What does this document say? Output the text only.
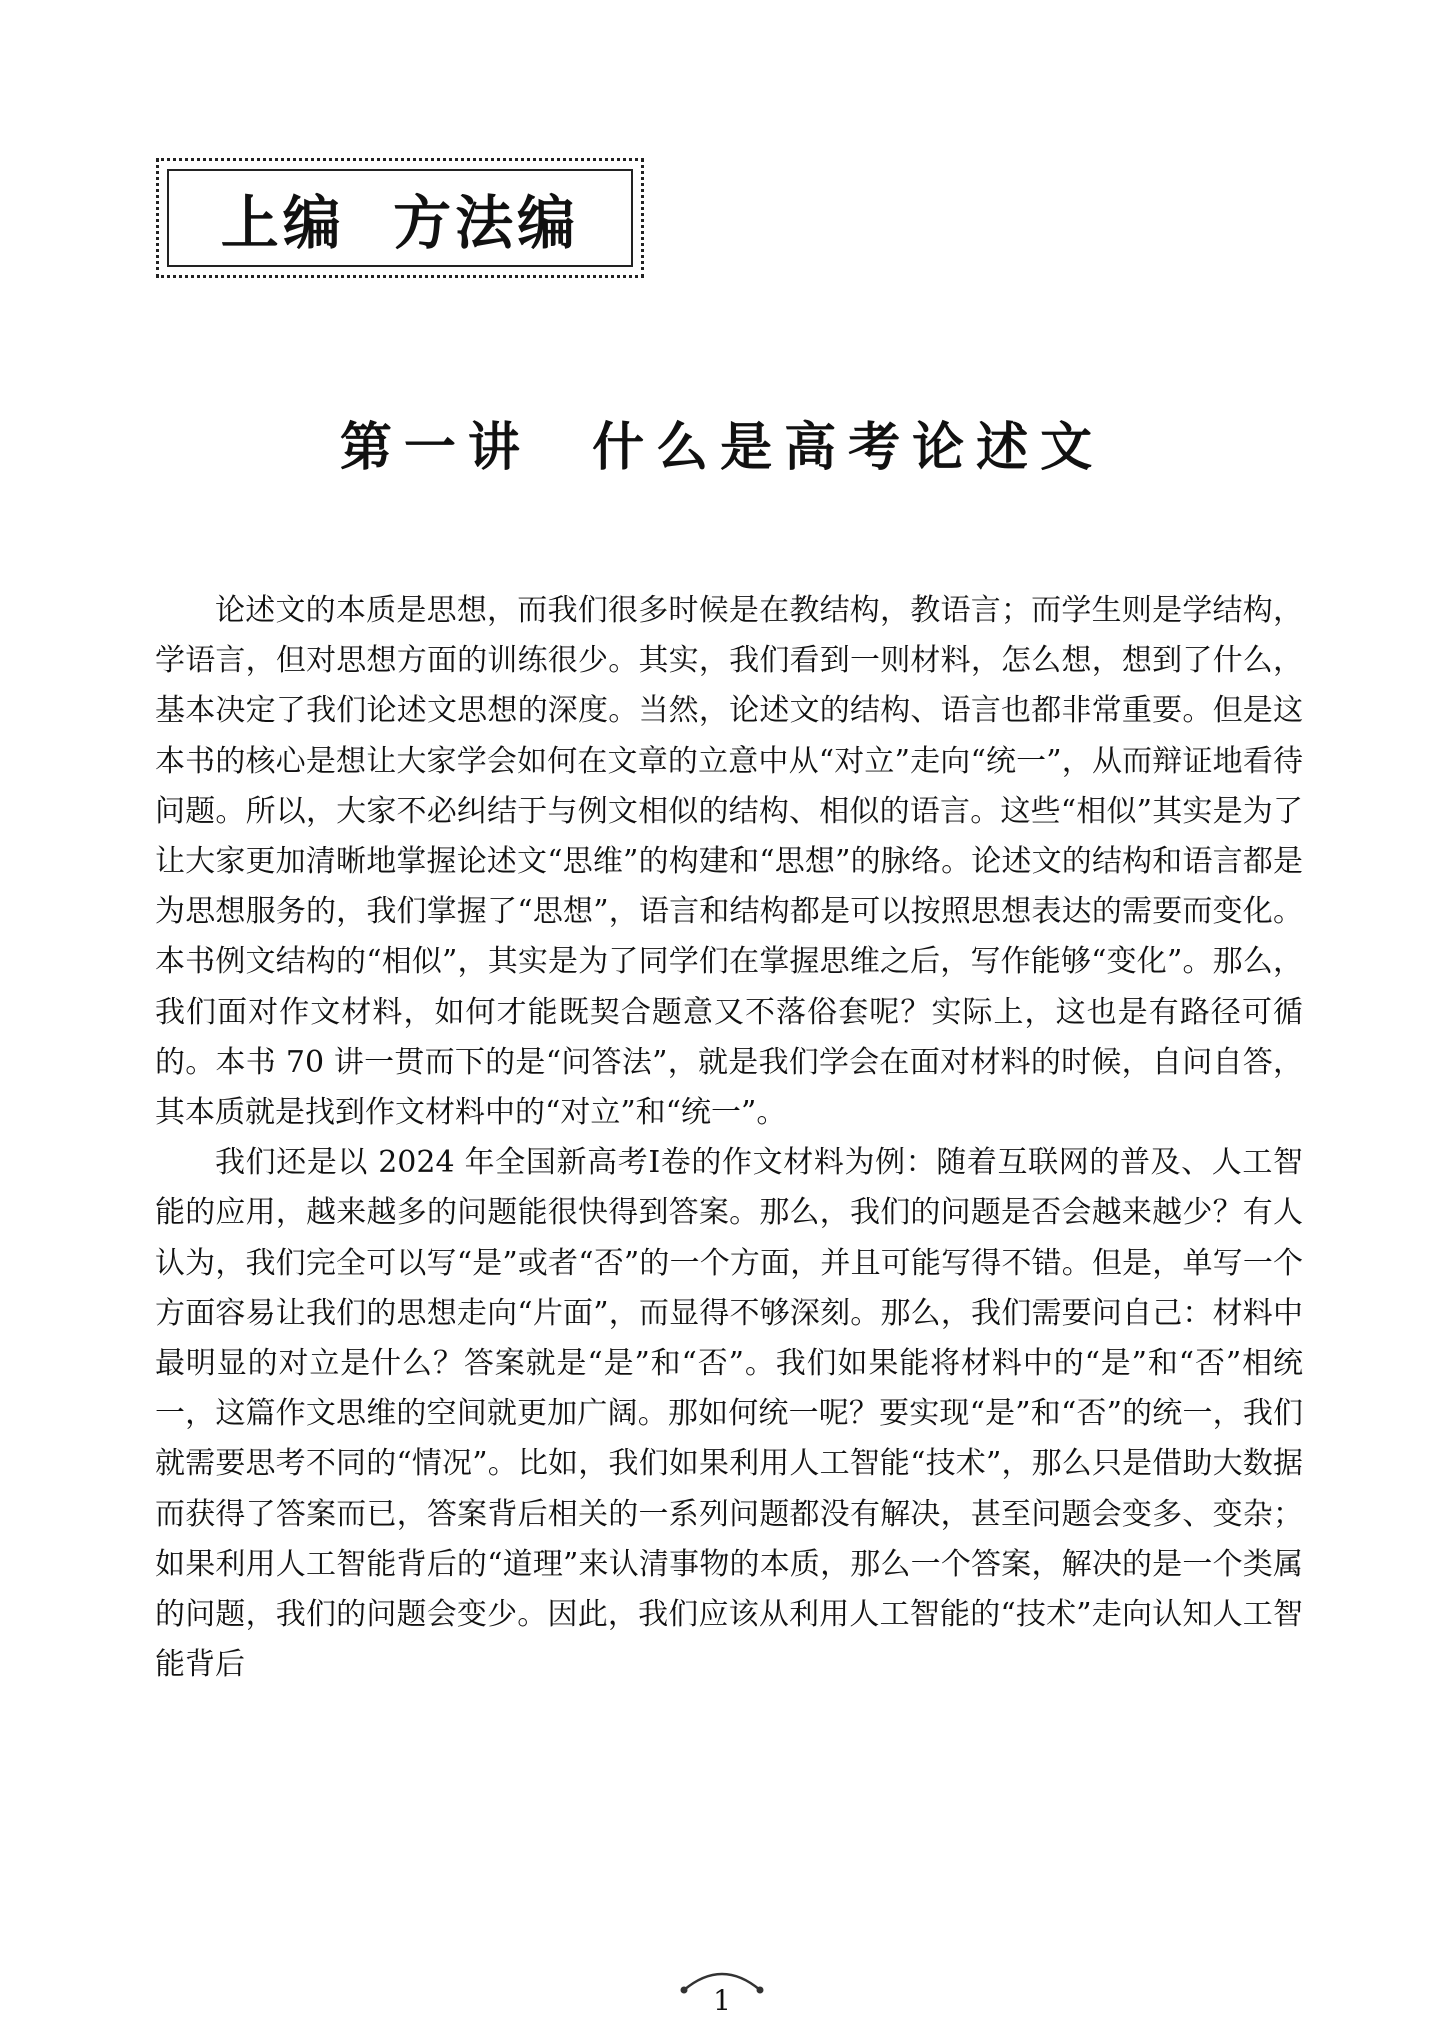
上编  方法编
第一讲  什么是高考论述文

论述文的本质是思想，而我们很多时候是在教结构，教语言；而学生则是学结构，学语言，但对思想方面的训练很少。其实，我们看到一则材料，怎么想，想到了什么，基本决定了我们论述文思想的深度。当然，论述文的结构、语言也都非常重要。但是这本书的核心是想让大家学会如何在文章的立意中从“对立”走向“统一”，从而辩证地看待问题。所以，大家不必纠结于与例文相似的结构、相似的语言。这些“相似”其实是为了让大家更加清晰地掌握论述文“思维”的构建和“思想”的脉络。论述文的结构和语言都是为思想服务的，我们掌握了“思想”，语言和结构都是可以按照思想表达的需要而变化。本书例文结构的“相似”，其实是为了同学们在掌握思维之后，写作能够“变化”。那么，我们面对作文材料，如何才能既契合题意又不落俗套呢？实际上，这也是有路径可循的。本书 70 讲一贯而下的是“问答法”，就是我们学会在面对材料的时候，自问自答，其本质就是找到作文材料中的“对立”和“统一”。

我们还是以 2024 年全国新高考Ⅰ卷的作文材料为例：随着互联网的普及、人工智能的应用，越来越多的问题能很快得到答案。那么，我们的问题是否会越来越少？有人认为，我们完全可以写“是”或者“否”的一个方面，并且可能写得不错。但是，单写一个方面容易让我们的思想走向“片面”，而显得不够深刻。那么，我们需要问自己：材料中最明显的对立是什么？答案就是“是”和“否”。我们如果能将材料中的“是”和“否”相统一，这篇作文思维的空间就更加广阔。那如何统一呢？要实现“是”和“否”的统一，我们就需要思考不同的“情况”。比如，我们如果利用人工智能“技术”，那么只是借助大数据而获得了答案而已，答案背后相关的一系列问题都没有解决，甚至问题会变多、变杂；如果利用人工智能背后的“道理”来认清事物的本质，那么一个答案，解决的是一个类属的问题，我们的问题会变少。因此，我们应该从利用人工智能的“技术”走向认知人工智能背后

1
